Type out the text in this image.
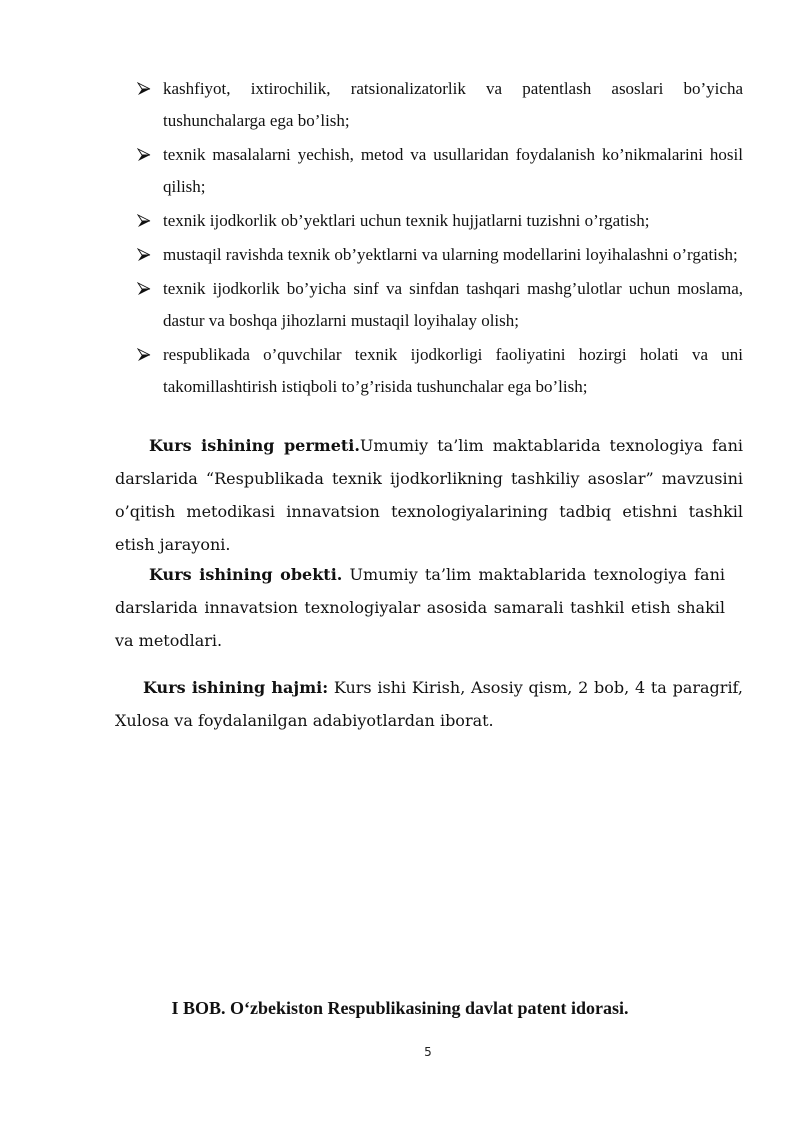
kashfiyot, ixtirochilik, ratsionalizatorlik va patentlash asoslari bo’yicha tushunchalarga ega bo’lish;
texnik masalalarni yechish, metod va usullaridan foydalanish ko’nikmalarini hosil qilish;
texnik ijodkorlik ob’yektlari uchun texnik hujjatlarni tuzishni o’rgatish;
mustaqil ravishda texnik ob’yektlarni va ularning modellarini loyihalashni o’rgatish;
texnik ijodkorlik bo’yicha sinf va sinfdan tashqari mashg’ulotlar uchun moslama, dastur va boshqa jihozlarni mustaqil loyihalay olish;
respublikada o’quvchilar texnik ijodkorligi faoliyatini hozirgi holati va uni takomillashtirish istiqboli to’g’risida tushunchalar ega bo’lish;

Kurs ishining permeti.Umumiy ta’lim maktablarida texnologiya fani darslarida “Respublikada texnik ijodkorlikning tashkiliy asoslar” mavzusini o’qitish metodikasi innavatsion texnologiyalarining tadbiq etishni tashkil etish jarayoni.

Kurs ishining obekti. Umumiy ta’lim maktablarida texnologiya fani darslarida innavatsion texnologiyalar asosida samarali tashkil etish shakil va metodlari.

Kurs ishining hajmi: Kurs ishi Kirish, Asosiy qism, 2 bob, 4 ta paragrif, Xulosa va foydalanilgan adabiyotlardan iborat.

I BOB. O‘zbekiston Respublikasining davlat patent idorasi.
5
